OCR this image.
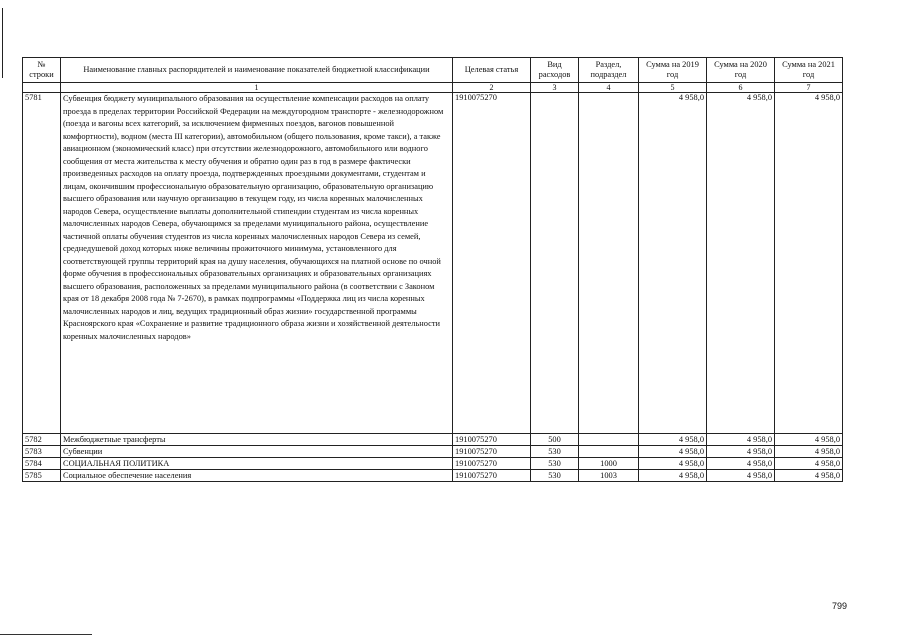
№ строки	Наименование главных распорядителей и наименование показателей бюджетной классификации	Целевая статья	Вид расходов	Раздел, подраздел	Сумма на 2019 год	Сумма на 2020 год	Сумма на 2021 год
	1	2	3	4	5	6	7
5781	Субвенция бюджету муниципального образования на осуществление компенсации расходов на оплату проезда в пределах территории Российской Федерации на междугородном транспорте - железнодорожном (поезда и вагоны всех категорий, за исключением фирменных поездов, вагонов повышенной комфортности), водном (места III категории), автомобильном (общего пользования, кроме такси), а также авиационном (экономический класс) при отсутствии железнодорожного, автомобильного или водного сообщения от места жительства к месту обучения и обратно один раз в год в размере фактически произведенных расходов на оплату проезда, подтвержденных проездными документами, студентам и лицам, окончившим профессиональную образовательную организацию, образовательную организацию высшего образования или научную организацию в текущем году, из числа коренных малочисленных народов Севера, осуществление выплаты дополнительной стипендии студентам из числа коренных малочисленных народов Севера, обучающимся за пределами муниципального района, осуществление частичной оплаты обучения студентов из числа коренных малочисленных народов Севера из семей, среднедушевой доход которых ниже величины прожиточного минимума, установленного для соответствующей группы территорий края на душу населения, обучающихся на платной основе по очной форме обучения в профессиональных образовательных организациях и образовательных организациях высшего образования, расположенных за пределами муниципального района (в соответствии с Законом края от 18 декабря 2008 года № 7-2670), в рамках подпрограммы «Поддержка лиц из числа коренных малочисленных народов и лиц, ведущих традиционный образ жизни» государственной программы Красноярского края «Сохранение и развитие традиционного образа жизни и хозяйственной деятельности коренных малочисленных народов»	1910075270			4 958,0	4 958,0	4 958,0
5782	Межбюджетные трансферты	1910075270	500		4 958,0	4 958,0	4 958,0
5783	Субвенции	1910075270	530		4 958,0	4 958,0	4 958,0
5784	СОЦИАЛЬНАЯ ПОЛИТИКА	1910075270	530	1000	4 958,0	4 958,0	4 958,0
5785	Социальное обеспечение населения	1910075270	530	1003	4 958,0	4 958,0	4 958,0
799
